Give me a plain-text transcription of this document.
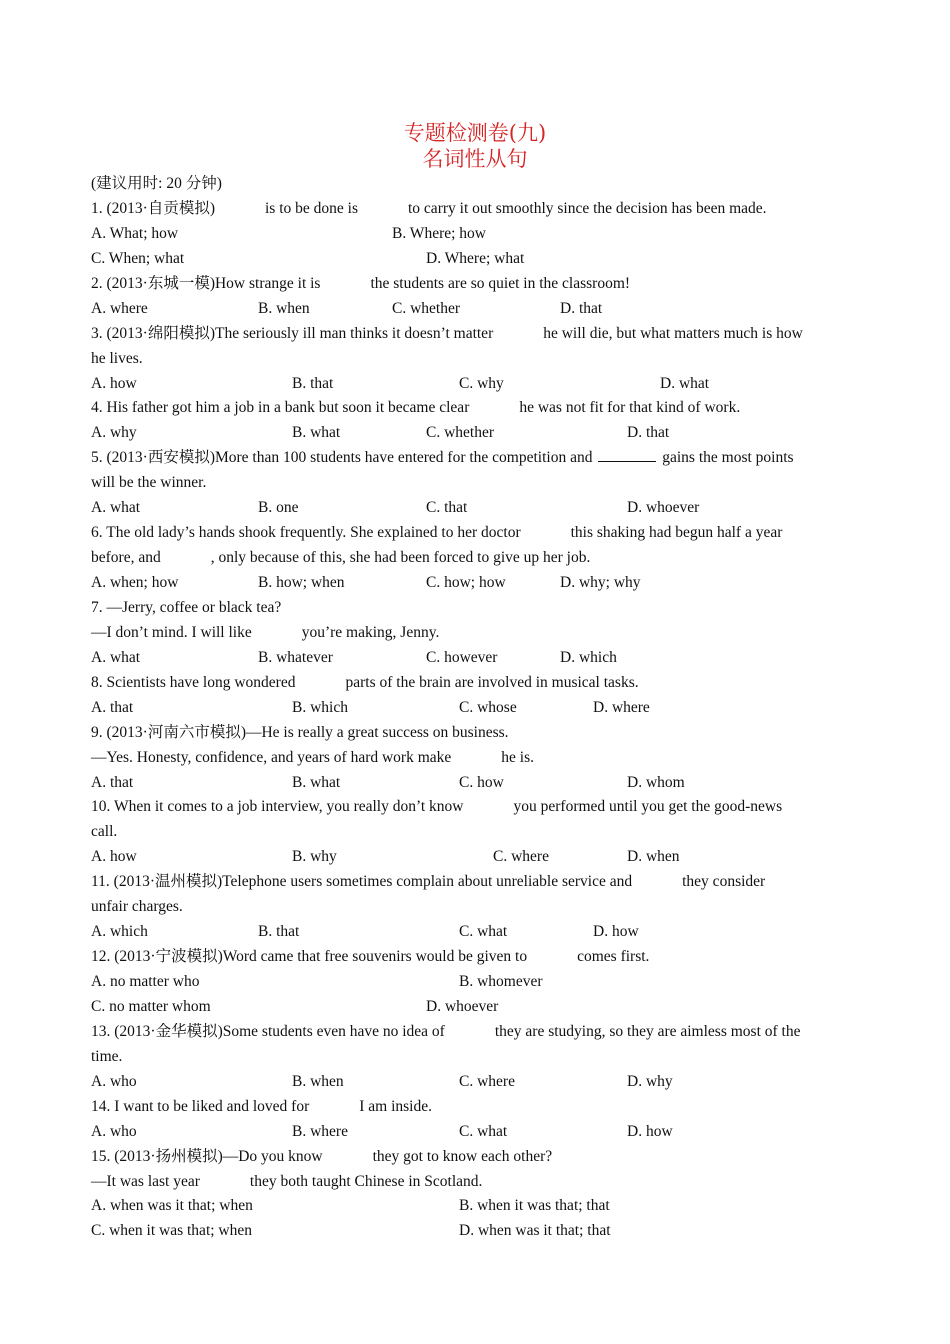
专题检测卷(九)
名词性从句
(建议用时: 20 分钟)
1. (2013·自贡模拟)	is to be done is	to carry it out smoothly since the decision has been made.
A. What; how	B. Where; how
C. When; what	D. Where; what
2. (2013·东城一模)How strange it is	the students are so quiet in the classroom!
A. where	B. when	C. whether	D. that
3. (2013·绵阳模拟)The seriously ill man thinks it doesn’t matter	he will die, but what matters much is how
he lives.
A. how	B. that	C. why	D. what
4. His father got him a job in a bank but soon it became clear	he was not fit for that kind of work.
A. why	B. what	C. whether	D. that
5. (2013·西安模拟)More than 100 students have entered for the competition and	gains the most points
will be the winner.
A. what	B. one	C. that	D. whoever
6. The old lady’s hands shook frequently. She explained to her doctor	this shaking had begun half a year
before, and	, only because of this, she had been forced to give up her job.
A. when; how	B. how; when	C. how; how	D. why; why
7. —Jerry, coffee or black tea?
—I don’t mind. I will like	you’re making, Jenny.
A. what	B. whatever	C. however	D. which
8. Scientists have long wondered	parts of the brain are involved in musical tasks.
A. that	B. which	C. whose	D. where
9. (2013·河南六市模拟)—He is really a great success on business.
—Yes. Honesty, confidence, and years of hard work make	he is.
A. that	B. what	C. how	D. whom
10. When it comes to a job interview, you really don’t know	you performed until you get the good-news
call.
A. how	B. why	C. where	D. when
11. (2013·温州模拟)Telephone users sometimes complain about unreliable service and	they consider
unfair charges.
A. which	B. that	C. what	D. how
12. (2013·宁波模拟)Word came that free souvenirs would be given to	comes first.
A. no matter who	B. whomever
C. no matter whom	D. whoever
13. (2013·金华模拟)Some students even have no idea of	they are studying, so they are aimless most of the
time.
A. who	B. when	C. where	D. why
14. I want to be liked and loved for	I am inside.
A. who	B. where	C. what	D. how
15. (2013·扬州模拟)—Do you know	they got to know each other?
—It was last year	they both taught Chinese in Scotland.
A. when was it that; when	B. when it was that; that
C. when it was that; when	D. when was it that; that
